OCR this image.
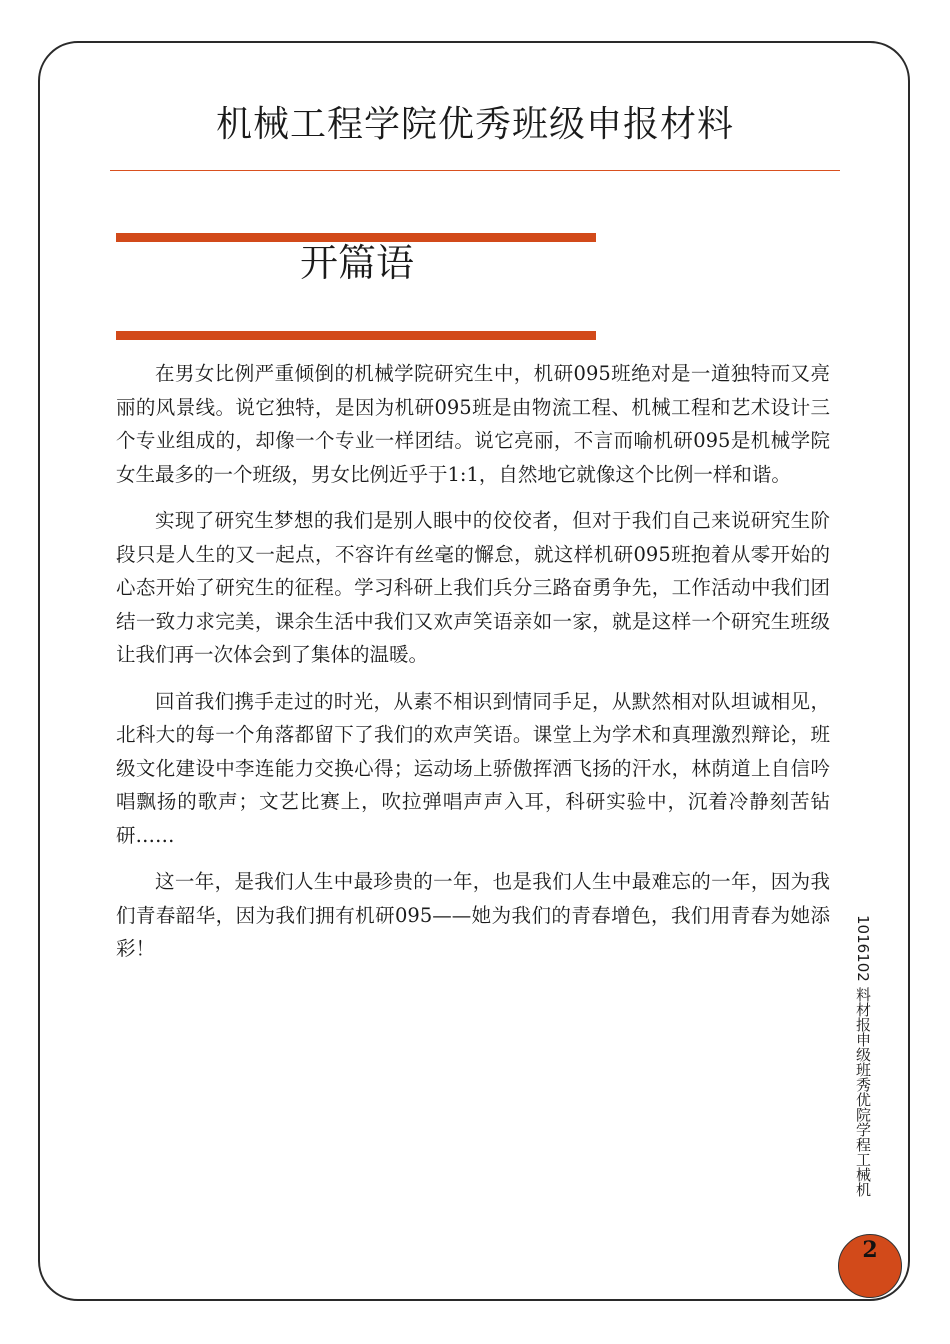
机械工程学院优秀班级申报材料
开篇语

在男女比例严重倾倒的机械学院研究生中，机研095班绝对是一道独特而又亮丽的风景线。说它独特，是因为机研095班是由物流工程、机械工程和艺术设计三个专业组成的，却像一个专业一样团结。说它亮丽，不言而喻机研095是机械学院女生最多的一个班级，男女比例近乎于1:1，自然地它就像这个比例一样和谐。

实现了研究生梦想的我们是别人眼中的佼佼者，但对于我们自己来说研究生阶段只是人生的又一起点，不容许有丝毫的懈怠，就这样机研095班抱着从零开始的心态开始了研究生的征程。学习科研上我们兵分三路奋勇争先，工作活动中我们团结一致力求完美，课余生活中我们又欢声笑语亲如一家，就是这样一个研究生班级让我们再一次体会到了集体的温暖。

回首我们携手走过的时光，从素不相识到情同手足，从默然相对队坦诚相见，北科大的每一个角落都留下了我们的欢声笑语。课堂上为学术和真理激烈辩论，班级文化建设中李连能力交换心得；运动场上骄傲挥洒飞扬的汗水，林荫道上自信吟唱飘扬的歌声；文艺比赛上，吹拉弹唱声声入耳，科研实验中，沉着冷静刻苦钻研……

这一年，是我们人生中最珍贵的一年，也是我们人生中最难忘的一年，因为我们青春韶华，因为我们拥有机研095——她为我们的青春增色，我们用青春为她添彩！	1016102 料材报申级班秀优院学程工械机
2
